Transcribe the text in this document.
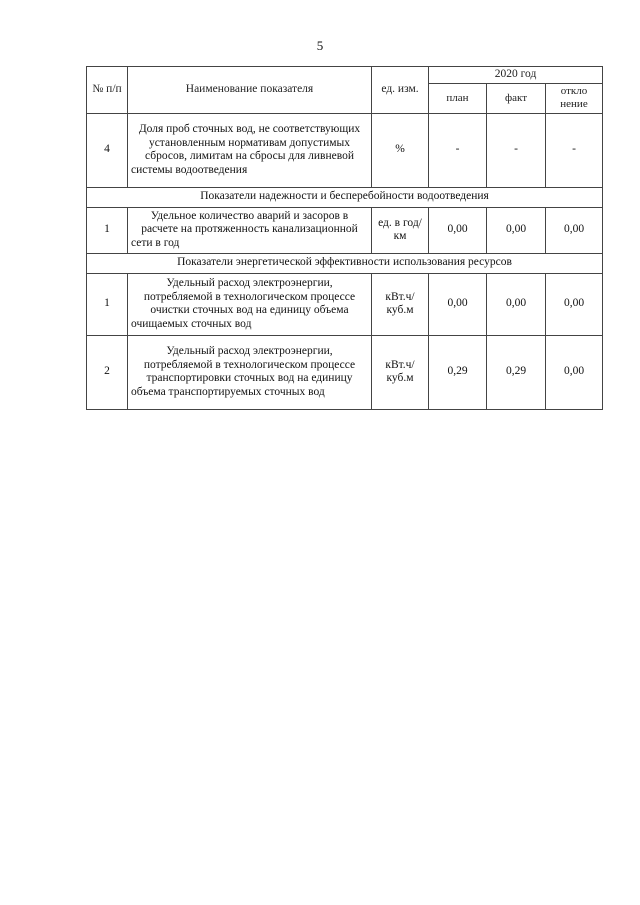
5
№ п/п	Наименование показателя	ед. изм.	2020 год		
			план	факт	откло нение
4	Доля проб сточных вод, не соответствующих установленным нормативам допустимых сбросов, лимитам на сбросы для ливневой системы водоотведения	%	-	-	-
Показатели надежности и бесперебойности водоотведения					
1	Удельное количество аварий и засоров в расчете на протяженность канализационной сети в год	ед. в год/ км	0,00	0,00	0,00
Показатели энергетической эффективности использования ресурсов					
1	Удельный расход электроэнергии, потребляемой в технологическом процессе очистки сточных вод на единицу объема очищаемых сточных вод	кВт.ч/ куб.м	0,00	0,00	0,00
2	Удельный расход электроэнергии, потребляемой в технологическом процессе транспортировки сточных вод на единицу объема транспортируемых сточных вод	кВт.ч/ куб.м	0,29	0,29	0,00
